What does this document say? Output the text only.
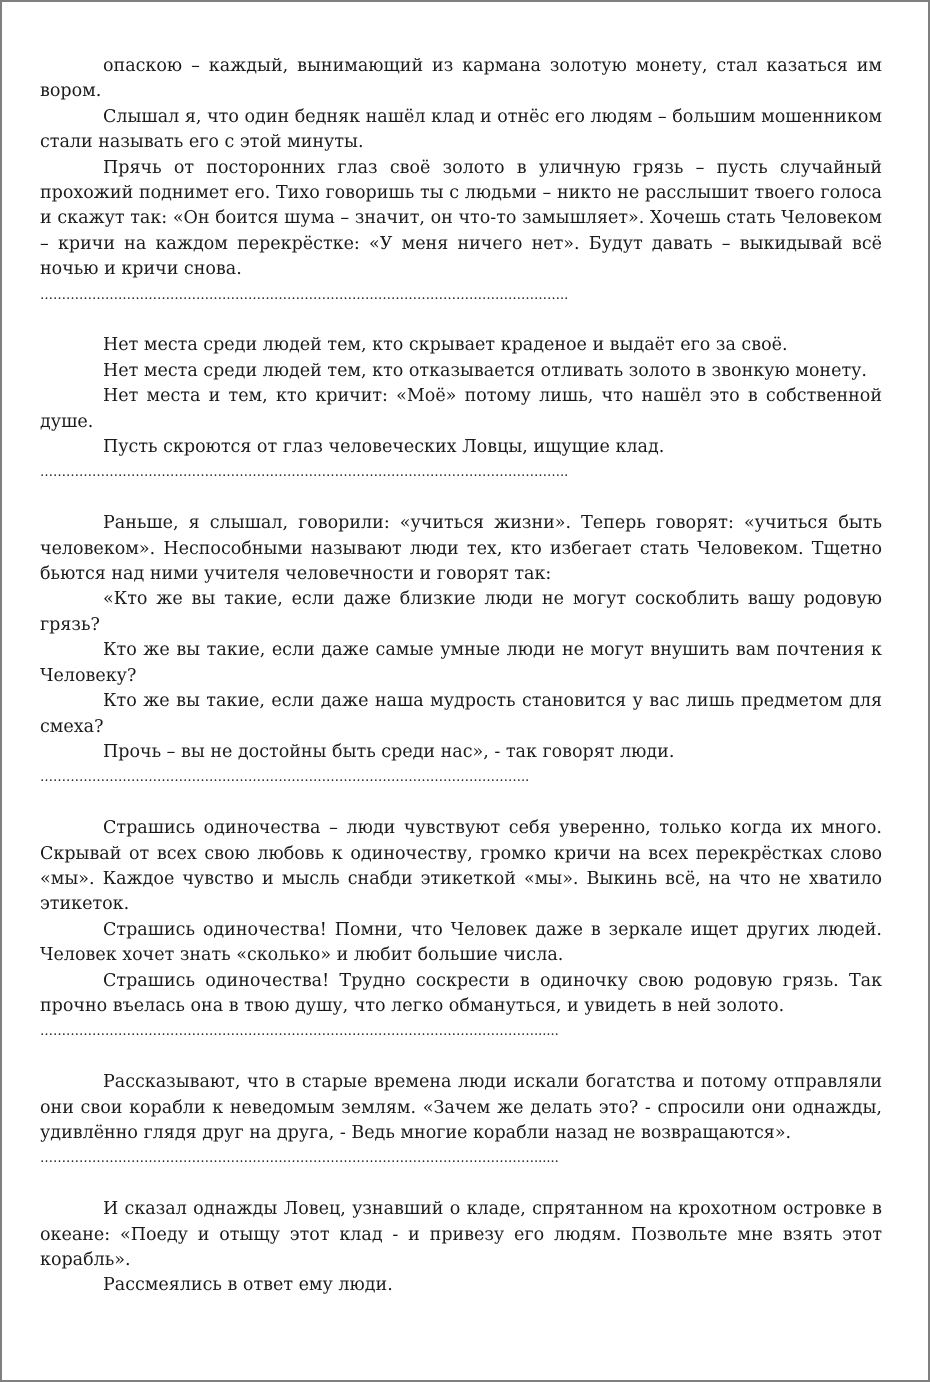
опаскою – каждый, вынимающий из кармана золотую монету, стал казаться им вором.

Слышал я, что один бедняк нашёл клад и отнёс его людям – большим мошенником стали называть его с этой минуты.

Прячь от посторонних глаз своё золото в уличную грязь – пусть случайный прохожий поднимет его. Тихо говоришь ты с людьми – никто не расслышит твоего голоса и скажут так: «Он боится шума – значит, он что-то замышляет». Хочешь стать Человеком – кричи на каждом перекрёстке: «У меня ничего нет». Будут давать – выкидывай всё ночью и кричи снова.

…………………………………………………………………………………………………………..

Нет места среди людей тем, кто скрывает краденое и выдаёт его за своё.

Нет места среди людей тем, кто отказывается отливать золото в звонкую монету.

Нет места и тем, кто кричит: «Моё» потому лишь, что нашёл это в собственной душе.

Пусть скроются от глаз человеческих Ловцы, ищущие клад.

…………………………………………………………………………………………………………..

Раньше, я слышал, говорили: «учиться жизни». Теперь говорят: «учиться быть человеком». Неспособными называют люди тех, кто избегает стать Человеком. Тщетно бьются над ними учителя человечности и говорят так:

«Кто же вы такие, если даже близкие люди не могут соскоблить вашу родовую грязь?

Кто же вы такие, если даже самые умные люди не могут внушить вам почтения к Человеку?

Кто же вы такие, если даже наша мудрость становится у вас лишь предметом для смеха?

Прочь – вы не достойны быть среди нас», - так говорят люди.

…………………………………………………………………………………………………..

Страшись одиночества – люди чувствуют себя уверенно, только когда их много. Скрывай от всех свою любовь к одиночеству, громко кричи на всех перекрёстках слово «мы». Каждое чувство и мысль снабди этикеткой «мы». Выкинь всё, на что не хватило этикеток.

Страшись одиночества! Помни, что Человек даже в зеркале ищет других людей. Человек хочет знать «сколько» и любит большие числа.

Страшись одиночества! Трудно соскрести в одиночку свою родовую грязь. Так прочно въелась она в твою душу, что легко обмануться, и увидеть в ней золото.

……………………………………………………………………………………………………......

Рассказывают, что в старые времена люди искали богатства и потому отправляли они свои корабли к неведомым землям. «Зачем же делать это? - спросили они однажды, удивлённо глядя друг на друга, - Ведь многие корабли назад не возвращаются».

……………………………………………………………………………………………………......

И сказал однажды Ловец, узнавший о кладе, спрятанном на крохотном островке в океане: «Поеду и отыщу этот клад - и привезу его людям. Позвольте мне взять этот корабль».

Рассмеялись в ответ ему люди.
